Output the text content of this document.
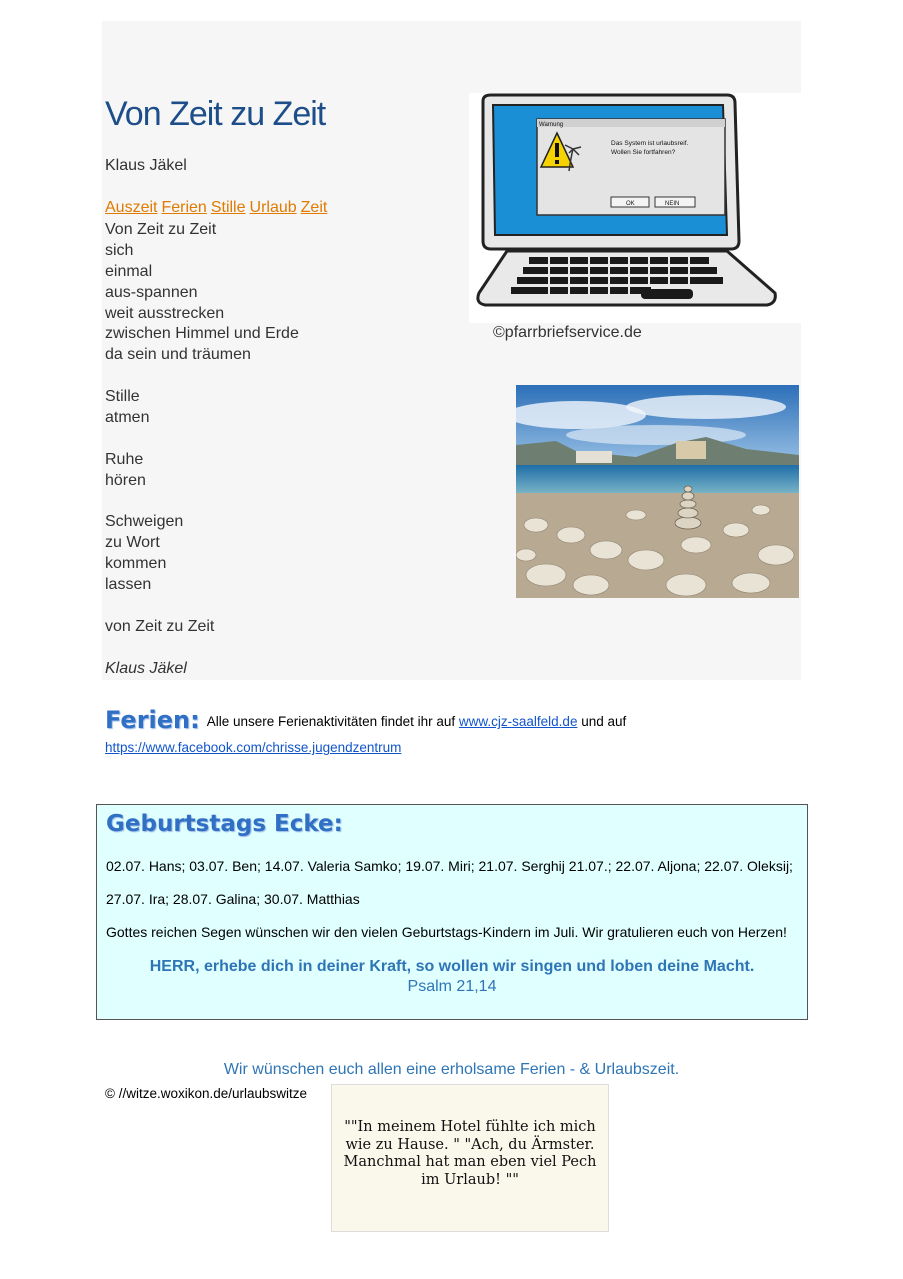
Von Zeit zu Zeit
Klaus Jäkel
Auszeit Ferien Stille Urlaub Zeit
Von Zeit zu Zeit
sich
einmal
aus-spannen
weit ausstrecken
zwischen Himmel und Erde
da sein und träumen
Stille
atmen
Ruhe
hören
Schweigen
zu Wort
kommen
lassen
von Zeit zu Zeit
Klaus Jäkel
Warnung
Das System ist urlaubsreif.
Wollen Sie fortfahren?
OK	NEIN
©pfarrbriefservice.de
Ferien: Alle unsere Ferienaktivitäten findet ihr auf www.cjz-saalfeld.de und auf
https://www.facebook.com/chrisse.jugendzentrum
Geburtstags Ecke:
02.07. Hans; 03.07. Ben; 14.07. Valeria Samko; 19.07. Miri; 21.07. Serghij 21.07.; 22.07. Aljona; 22.07. Oleksij;
27.07. Ira; 28.07. Galina; 30.07. Matthias
Gottes reichen Segen wünschen wir den vielen Geburtstags-Kindern im Juli. Wir gratulieren euch von Herzen!
HERR, erhebe dich in deiner Kraft, so wollen wir singen und loben deine Macht.
Psalm 21,14
Wir wünschen euch allen eine erholsame Ferien - & Urlaubszeit.
© //witze.woxikon.de/urlaubswitze
""In meinem Hotel fühlte ich mich wie zu Hause. " "Ach, du Ärmster. Manchmal hat man eben viel Pech im Urlaub! ""
